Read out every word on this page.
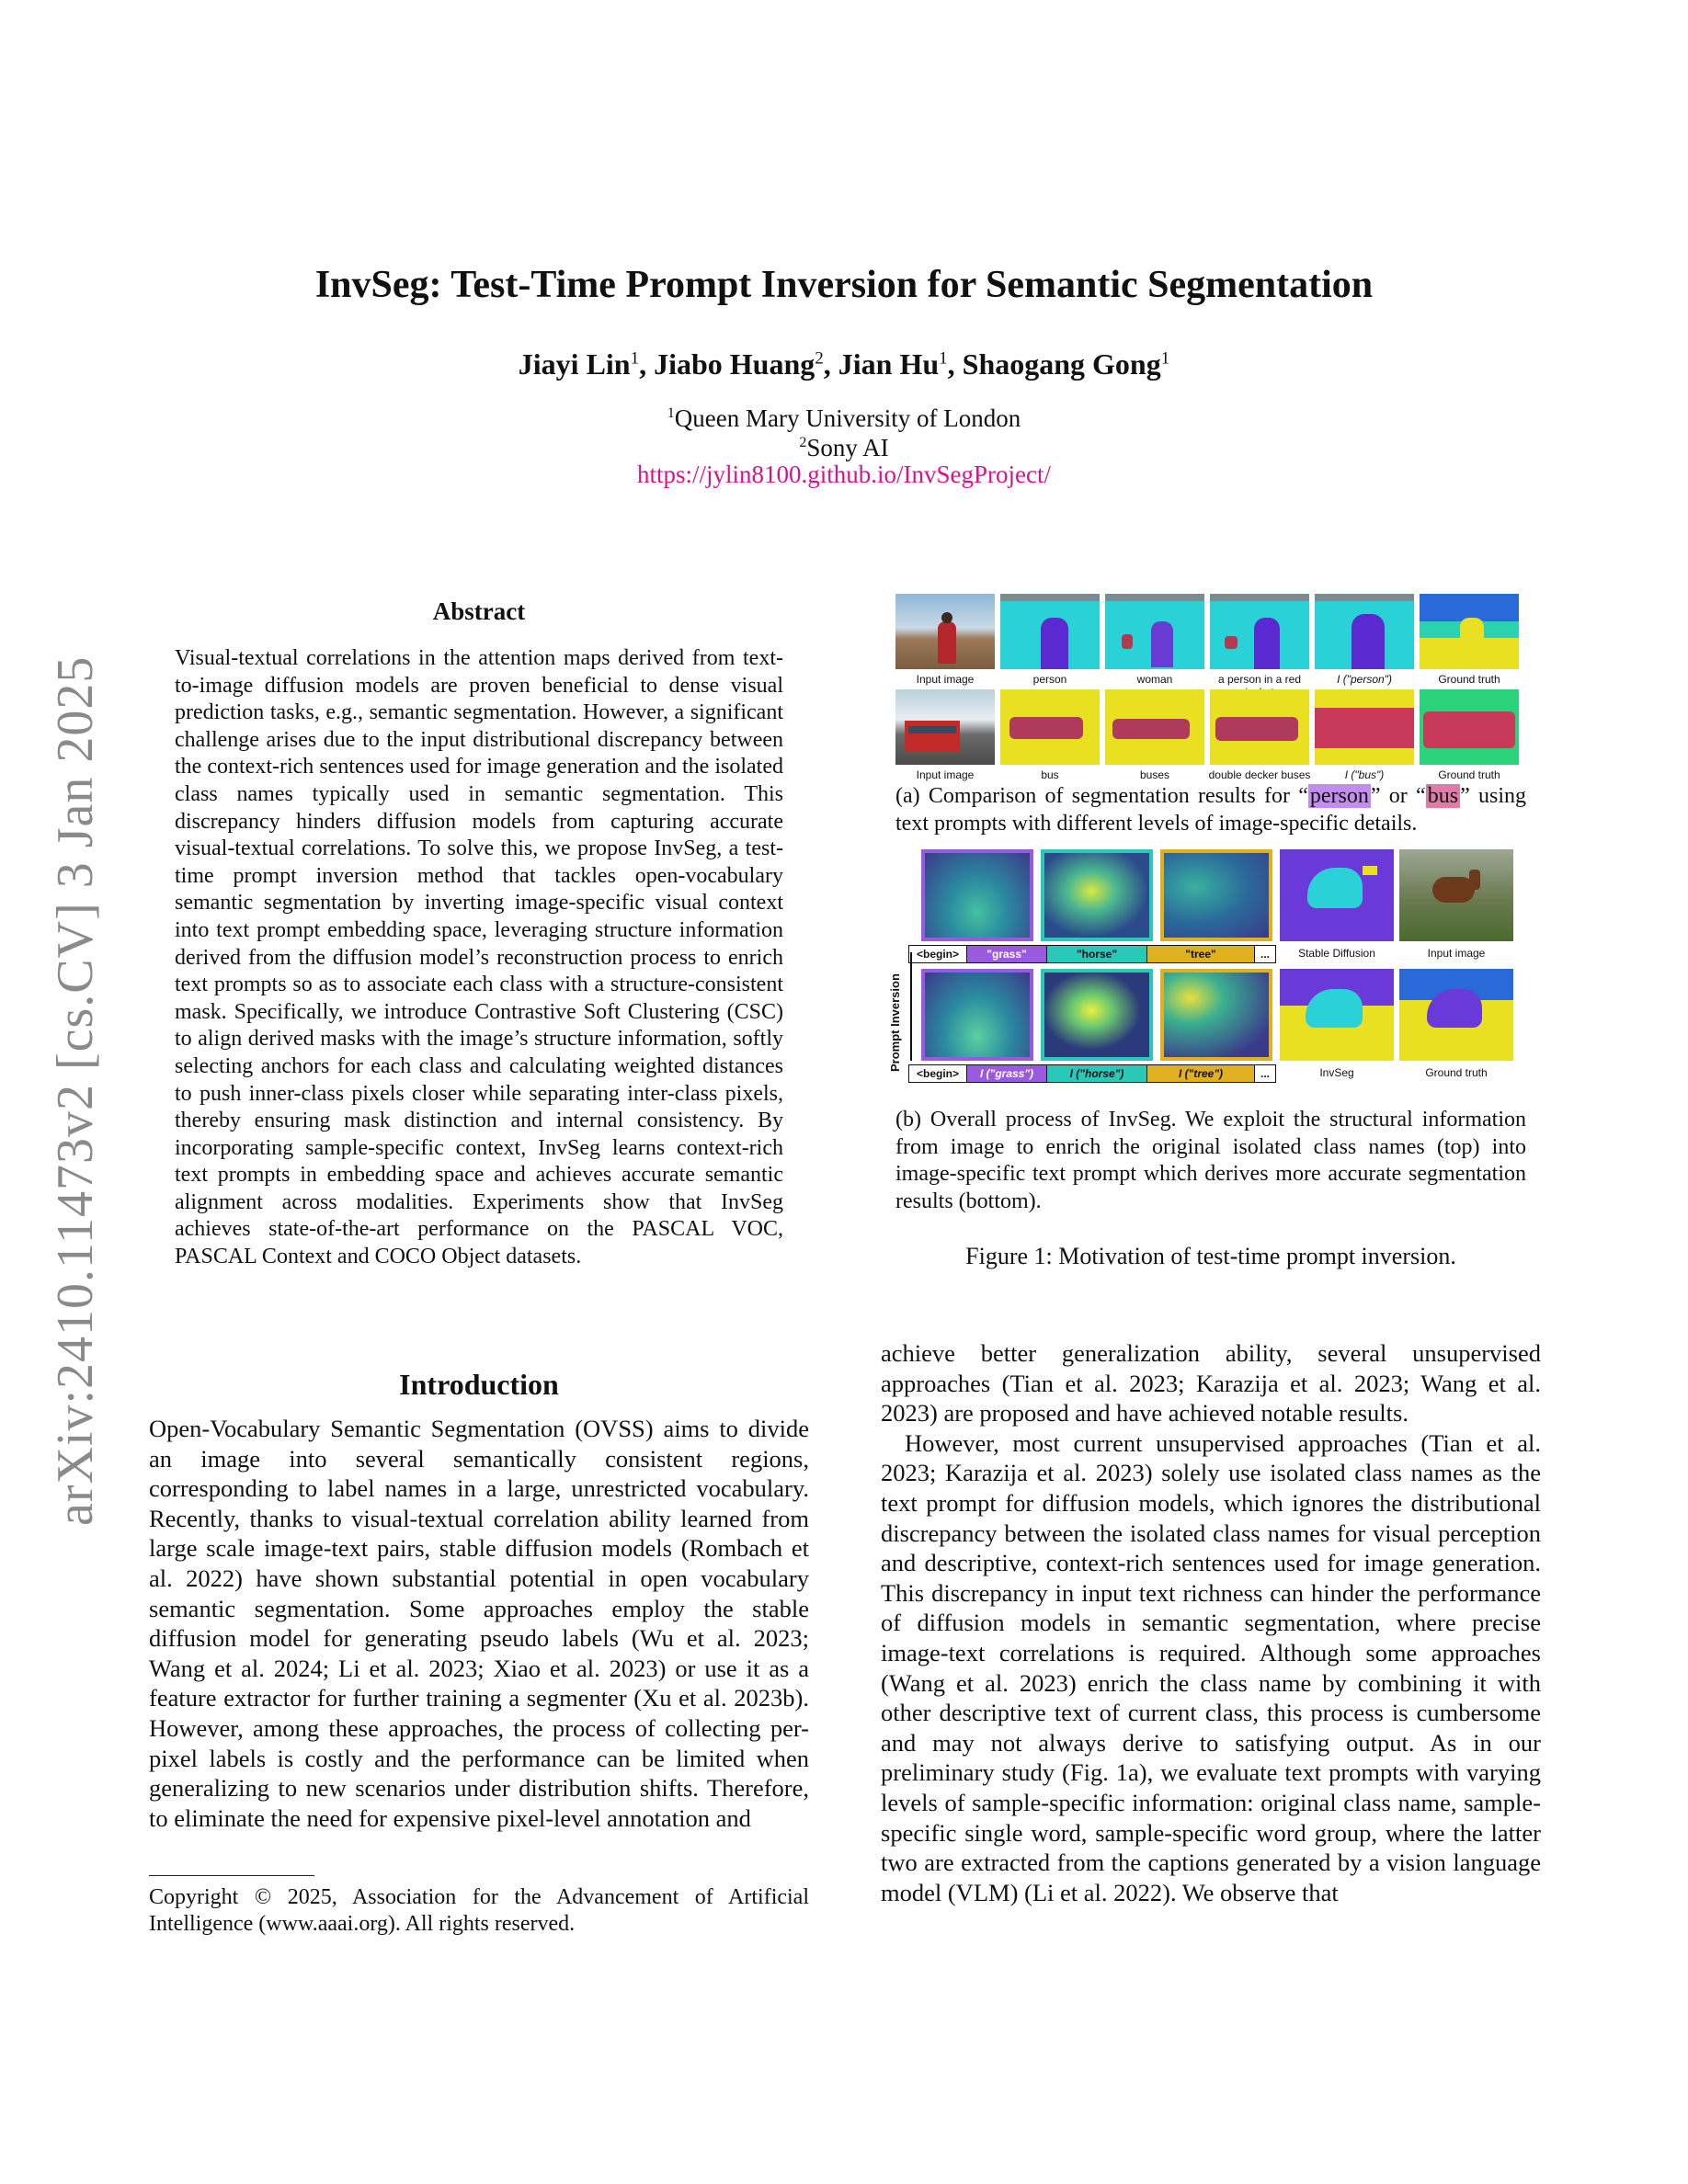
arXiv:2410.11473v2 [cs.CV] 3 Jan 2025
InvSeg: Test-Time Prompt Inversion for Semantic Segmentation
Jiayi Lin$^1$, Jiabo Huang$^2$, Jian Hu$^1$, Shaogang Gong$^1$
$^1$Queen Mary University of London
$^2$Sony AI
https://jylin8100.github.io/InvSegProject/
Abstract
Visual-textual correlations in the attention maps derived from text-to-image diffusion models are proven beneficial to dense visual prediction tasks, e.g., semantic segmentation. However, a significant challenge arises due to the input distributional discrepancy between the context-rich sentences used for image generation and the isolated class names typically used in semantic segmentation. This discrepancy hinders diffusion models from capturing accurate visual-textual correlations. To solve this, we propose InvSeg, a test-time prompt inversion method that tackles open-vocabulary semantic segmentation by inverting image-specific visual context into text prompt embedding space, leveraging structure information derived from the diffusion model’s reconstruction process to enrich text prompts so as to associate each class with a structure-consistent mask. Specifically, we introduce Contrastive Soft Clustering (CSC) to align derived masks with the image’s structure information, softly selecting anchors for each class and calculating weighted distances to push inner-class pixels closer while separating inter-class pixels, thereby ensuring mask distinction and internal consistency. By incorporating sample-specific context, InvSeg learns context-rich text prompts in embedding space and achieves accurate semantic alignment across modalities. Experiments show that InvSeg achieves state-of-the-art performance on the PASCAL VOC, PASCAL Context and COCO Object datasets.
Introduction
Open-Vocabulary Semantic Segmentation (OVSS) aims to divide an image into several semantically consistent regions, corresponding to label names in a large, unrestricted vocabulary. Recently, thanks to visual-textual correlation ability learned from large scale image-text pairs, stable diffusion models (Rombach et al. 2022) have shown substantial potential in open vocabulary semantic segmentation. Some approaches employ the stable diffusion model for generating pseudo labels (Wu et al. 2023; Wang et al. 2024; Li et al. 2023; Xiao et al. 2023) or use it as a feature extractor for further training a segmenter (Xu et al. 2023b). However, among these approaches, the process of collecting per-pixel labels is costly and the performance can be limited when generalizing to new scenarios under distribution shifts. Therefore, to eliminate the need for expensive pixel-level annotation and
Copyright © 2025, Association for the Advancement of Artificial Intelligence (www.aaai.org). All rights reserved.
achieve better generalization ability, several unsupervised approaches (Tian et al. 2023; Karazija et al. 2023; Wang et al. 2023) are proposed and have achieved notable results.
However, most current unsupervised approaches (Tian et al. 2023; Karazija et al. 2023) solely use isolated class names as the text prompt for diffusion models, which ignores the distributional discrepancy between the isolated class names for visual perception and descriptive, context-rich sentences used for image generation. This discrepancy in input text richness can hinder the performance of diffusion models in semantic segmentation, where precise image-text correlations is required. Although some approaches (Wang et al. 2023) enrich the class name by combining it with other descriptive text of current class, this process is cumbersome and may not always derive to satisfying output. As in our preliminary study (Fig. 1a), we evaluate text prompts with varying levels of sample-specific information: original class name, sample-specific single word, sample-specific word group, where the latter two are extracted from the captions generated by a vision language model (VLM) (Li et al. 2022). We observe that
Input image	person	woman	a person in a red	I ("person")	Ground truth
Input image	bus	buses	double decker buses	I ("bus")	Ground truth
<begin>	"grass"	"horse"	"tree"	...	Stable Diffusion	Input image
Prompt Inversion
<begin>	I ("grass")	I ("horse")	I ("tree")	...	InvSeg	Ground truth
(a) Comparison of segmentation results for “person” or “bus” using text prompts with different levels of image-specific details.
(b) Overall process of InvSeg. We exploit the structural information from image to enrich the original isolated class names (top) into image-specific text prompt which derives more accurate segmentation results (bottom).
Figure 1: Motivation of test-time prompt inversion.
